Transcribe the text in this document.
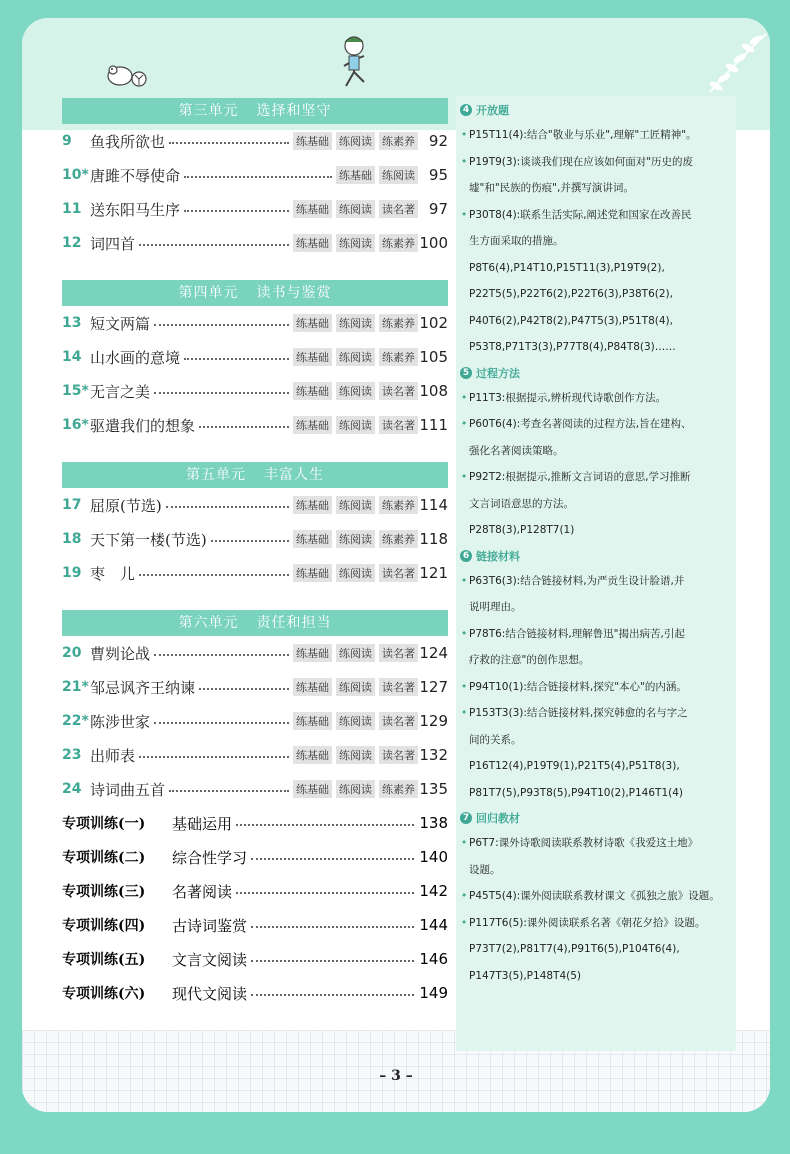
– 3 –
第三单元 选择和坚守
9	鱼我所欲也	练基础 练阅读 练素养 92
10* 唐雎不辱使命	练基础 练阅读 95
11 送东阳马生序	练基础 练阅读 读名著 97
12 词四首	练基础 练阅读 练素养 100
第四单元 读书与鉴赏
13 短文两篇	练基础 练阅读 练素养 102
14 山水画的意境	练基础 练阅读 练素养 105
15* 无言之美	练基础 练阅读 读名著 108
16* 驱遣我们的想象	练基础 练阅读 读名著 111
第五单元 丰富人生
17 屈原(节选)	练基础 练阅读 练素养 114
18 天下第一楼(节选)	练基础 练阅读 练素养 118
19 枣　儿	练基础 练阅读 读名著 121
第六单元 责任和担当
20 曹刿论战	练基础 练阅读 读名著 124
21* 邹忌讽齐王纳谏	练基础 练阅读 读名著 127
22* 陈涉世家	练基础 练阅读 读名著 129
23 出师表	练基础 练阅读 读名著 132
24 诗词曲五首	练基础 练阅读 练素养 135
专项训练(一)	基础运用	138
专项训练(二)	综合性学习	140
专项训练(三)	名著阅读	142
专项训练(四)	古诗词鉴赏	144
专项训练(五)	文言文阅读	146
专项训练(六)	现代文阅读	149
4 开放题
• P15T11(4):结合"敬业与乐业",理解"工匠精神"。
• P19T9(3):谈谈我们现在应该如何面对"历史的废
墟"和"民族的伤痕",并撰写演讲词。
• P30T8(4):联系生活实际,阐述党和国家在改善民
生方面采取的措施。
P8T6(4),P14T10,P15T11(3),P19T9(2),
P22T5(5),P22T6(2),P22T6(3),P38T6(2),
P40T6(2),P42T8(2),P47T5(3),P51T8(4),
P53T8,P71T3(3),P77T8(4),P84T8(3)……
5 过程方法
• P11T3:根据提示,辨析现代诗歌创作方法。
• P60T6(4):考查名著阅读的过程方法,旨在建构、
强化名著阅读策略。
• P92T2:根据提示,推断文言词语的意思,学习推断
文言词语意思的方法。
P28T8(3),P128T7(1)
6 链接材料
• P63T6(3):结合链接材料,为严贡生设计脸谱,并
说明理由。
• P78T6:结合链接材料,理解鲁迅"揭出病苦,引起
疗救的注意"的创作思想。
• P94T10(1):结合链接材料,探究"本心"的内涵。
• P153T3(3):结合链接材料,探究韩愈的名与字之
间的关系。
P16T12(4),P19T9(1),P21T5(4),P51T8(3),
P81T7(5),P93T8(5),P94T10(2),P146T1(4)
7 回归教材
• P6T7:课外诗歌阅读联系教材诗歌《我爱这土地》
设题。
• P45T5(4):课外阅读联系教材课文《孤独之旅》设题。
• P117T6(5):课外阅读联系名著《朝花夕拾》设题。
P73T7(2),P81T7(4),P91T6(5),P104T6(4),
P147T3(5),P148T4(5)
